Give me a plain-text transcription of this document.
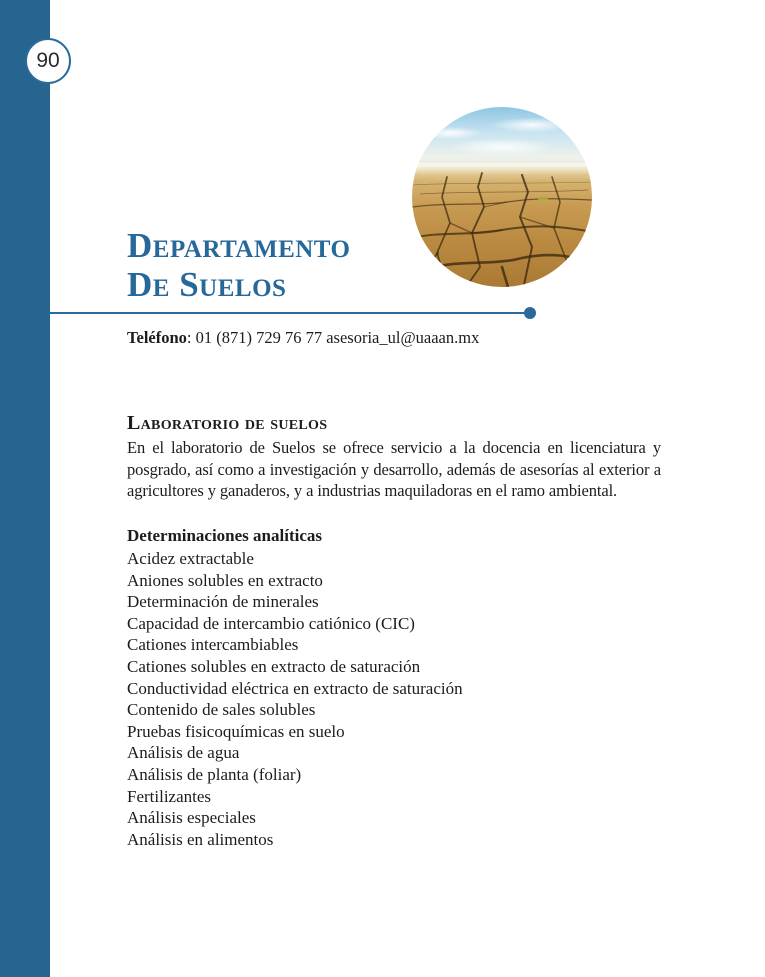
90
Departamento
De Suelos
Teléfono: 01 (871) 729 76 77 asesoria_ul@uaaan.mx
Laboratorio de suelos
En el laboratorio de Suelos se ofrece servicio a la docencia en licenciatura y posgrado, así como a investigación y desarrollo, además de asesorías al exterior a agricultores y ganaderos, y a industrias maquiladoras en el ramo ambiental.
Determinaciones analíticas
Acidez extractable
Aniones solubles en extracto
Determinación de minerales
Capacidad de intercambio catiónico (CIC)
Cationes intercambiables
Cationes solubles en extracto de saturación
Conductividad eléctrica en extracto de saturación
Contenido de sales solubles
Pruebas fisicoquímicas en suelo
Análisis de agua
Análisis de planta (foliar)
Fertilizantes
Análisis especiales
Análisis en alimentos
